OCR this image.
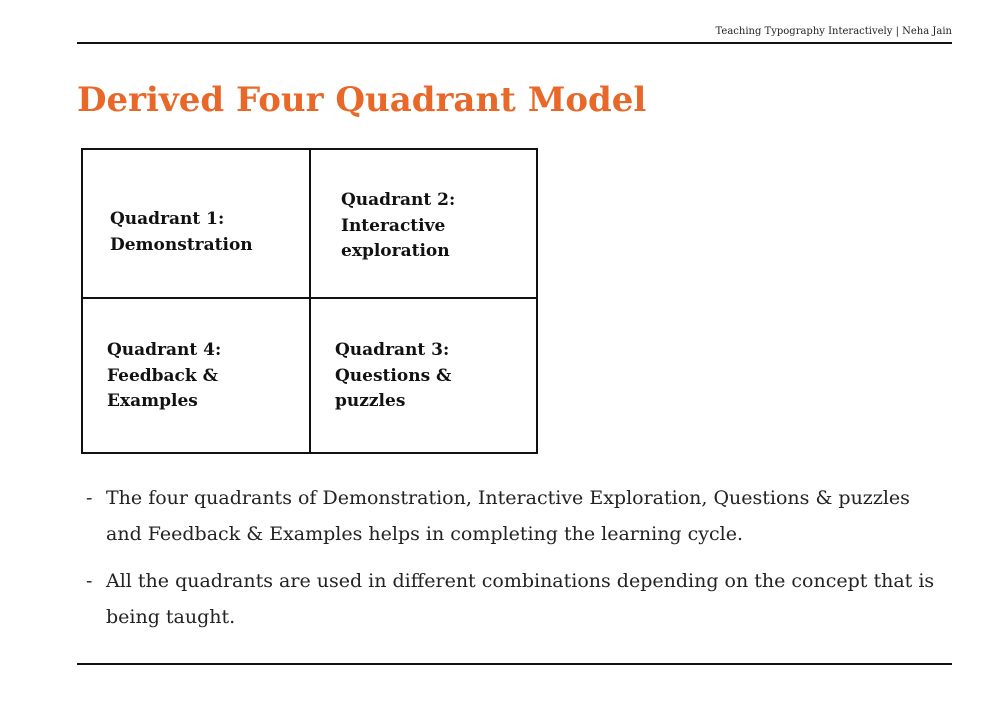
Teaching Typography Interactively | Neha Jain
Derived Four Quadrant Model
Quadrant 1:
Demonstration
Quadrant 2:
Interactive
exploration
Quadrant 4:
Feedback &
Examples
Quadrant 3:
Questions &
puzzles
- The four quadrants of Demonstration, Interactive Exploration, Questions & puzzles and Feedback & Examples helps in completing the learning cycle.
- All the quadrants are used in different combinations depending on the concept that is being taught.
